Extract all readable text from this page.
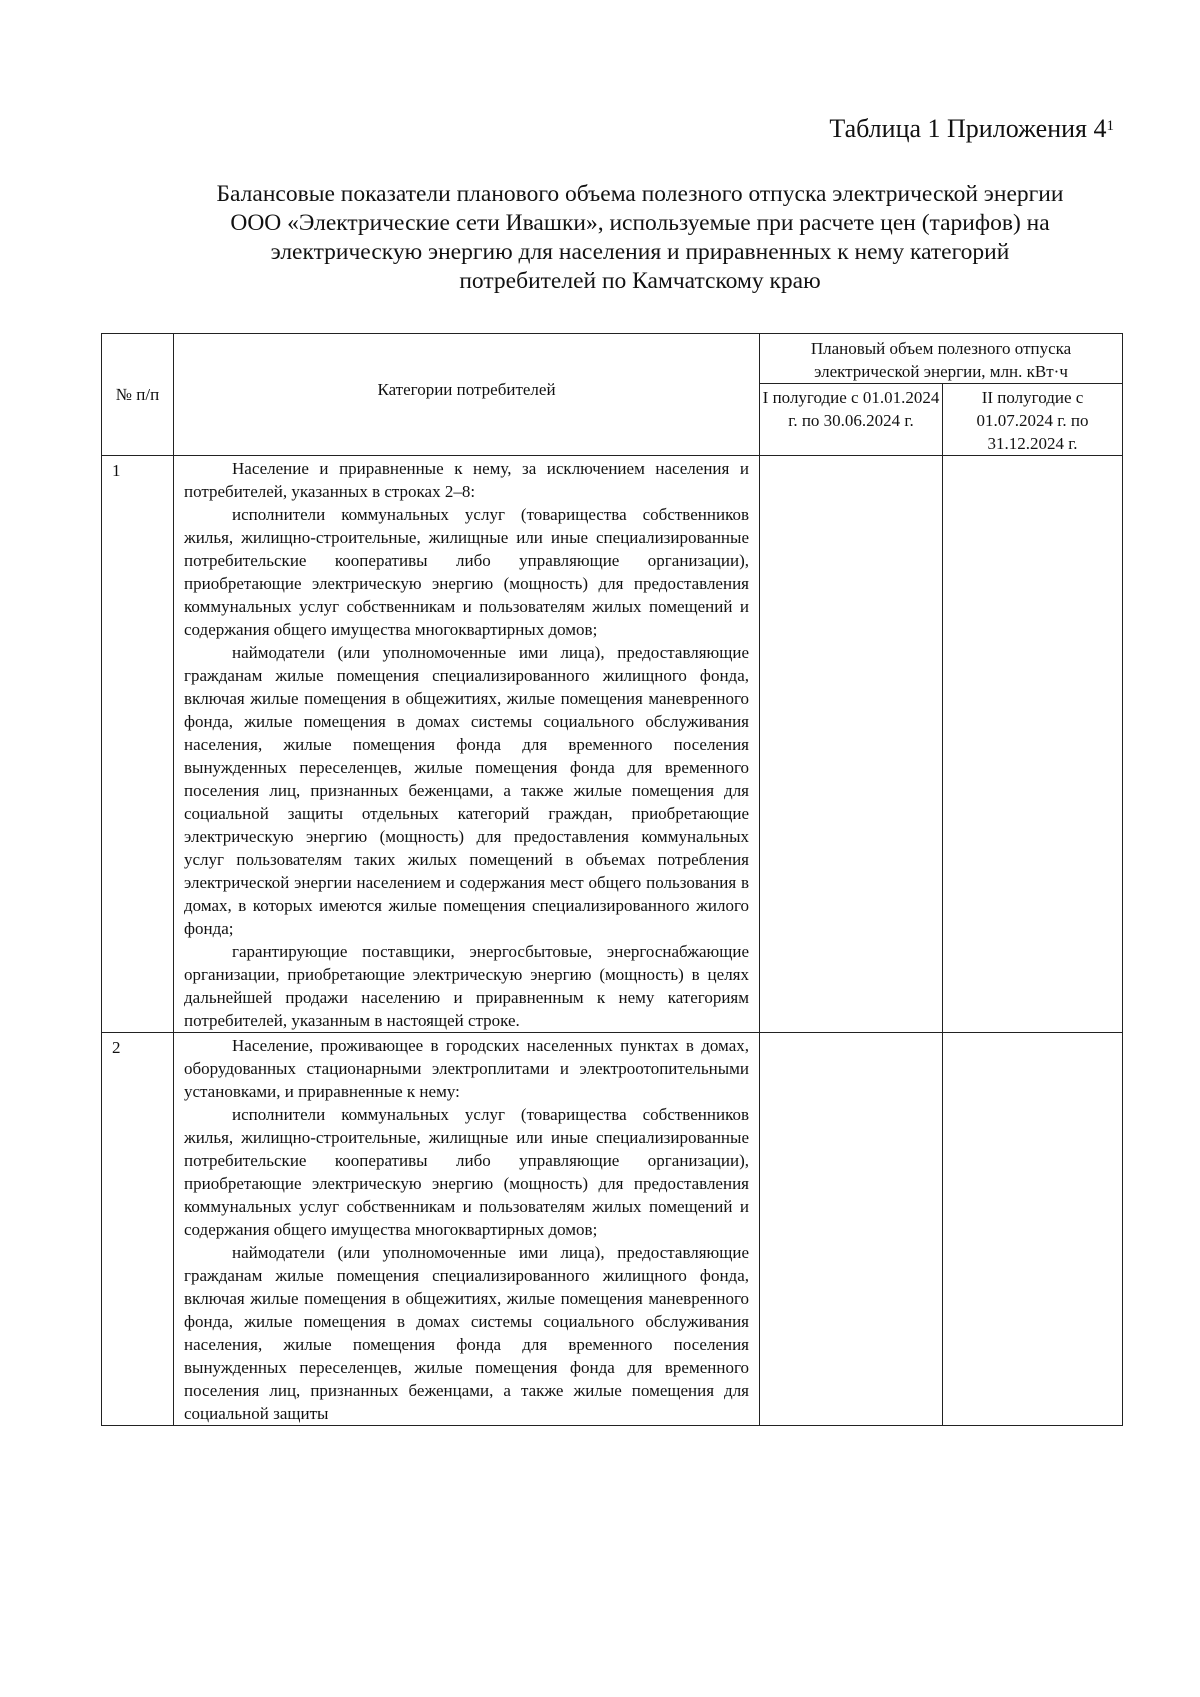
Таблица 1 Приложения $4^1$
Балансовые показатели планового объема полезного отпуска электрической энергии ООО «Электрические сети Ивашки», используемые при расчете цен (тарифов) на электрическую энергию для населения и приравненных к нему категорий потребителей по Камчатскому краю
№ п/п	Категории потребителей	Плановый объем полезного отпуска электрической энергии, млн. кВт·ч	
		I полугодие с 01.01.2024 г. по 30.06.2024 г.	II полугодие с 01.07.2024 г. по 31.12.2024 г.
1	Население и приравненные к нему, за исключением населения и потребителей, указанных в строках 2–8:

исполнители коммунальных услуг (товарищества собственников жилья, жилищно-строительные, жилищные или иные специализированные потребительские кооперативы либо управляющие организации), приобретающие электрическую энергию (мощность) для предоставления коммунальных услуг собственникам и пользователям жилых помещений и содержания общего имущества многоквартирных домов;

наймодатели (или уполномоченные ими лица), предоставляющие гражданам жилые помещения специализированного жилищного фонда, включая жилые помещения в общежитиях, жилые помещения маневренного фонда, жилые помещения в домах системы социального обслуживания населения, жилые помещения фонда для временного поселения вынужденных переселенцев, жилые помещения фонда для временного поселения лиц, признанных беженцами, а также жилые помещения для социальной защиты отдельных категорий граждан, приобретающие электрическую энергию (мощность) для предоставления коммунальных услуг пользователям таких жилых помещений в объемах потребления электрической энергии населением и содержания мест общего пользования в домах, в которых имеются жилые помещения специализированного жилого фонда;

гарантирующие поставщики, энергосбытовые, энергоснабжающие организации, приобретающие электрическую энергию (мощность) в целях дальнейшей продажи населению и приравненным к нему категориям потребителей, указанным в настоящей строке.		

2	Население, проживающее в городских населенных пунктах в домах, оборудованных стационарными электроплитами и электроотопительными установками, и приравненные к нему:

исполнители коммунальных услуг (товарищества собственников жилья, жилищно-строительные, жилищные или иные специализированные потребительские кооперативы либо управляющие организации), приобретающие электрическую энергию (мощность) для предоставления коммунальных услуг собственникам и пользователям жилых помещений и содержания общего имущества многоквартирных домов;

наймодатели (или уполномоченные ими лица), предоставляющие гражданам жилые помещения специализированного жилищного фонда, включая жилые помещения в общежитиях, жилые помещения маневренного фонда, жилые помещения в домах системы социального обслуживания населения, жилые помещения фонда для временного поселения вынужденных переселенцев, жилые помещения фонда для временного поселения лиц, признанных беженцами, а также жилые помещения для социальной защиты		
